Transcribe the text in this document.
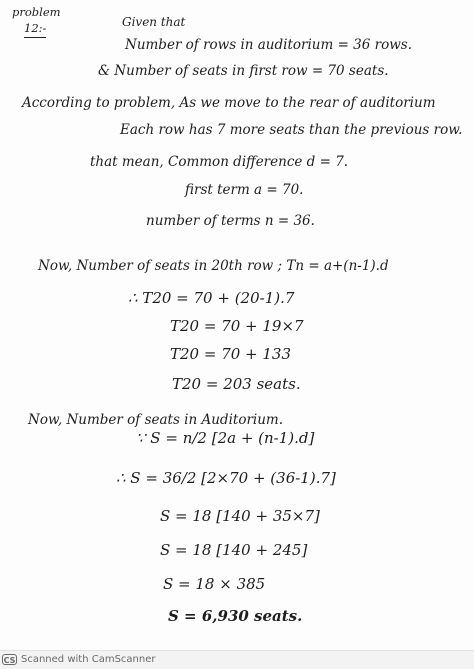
problem
12:-	Given that
Number of rows in auditorium = 36 rows.
& Number of seats in first row = 70 seats.
According to problem, As we move to the rear of auditorium
Each row has 7 more seats than the previous row.
that mean, Common difference d = 7.
first term a = 70.
number of terms n = 36.
Now, Number of seats in 20th row ; Tn = a+(n-1).d
∴ T20 = 70 + (20-1).7
T20 = 70 + 19×7
T20 = 70 + 133
T20 = 203 seats.
Now, Number of seats in Auditorium.
∵ S = n/2 [2a + (n-1).d]
∴ S = 36/2 [2×70 + (36-1).7]
S = 18 [140 + 35×7]
S = 18 [140 + 245]
S = 18 × 385
S = 6,930 seats.
CS Scanned with CamScanner
